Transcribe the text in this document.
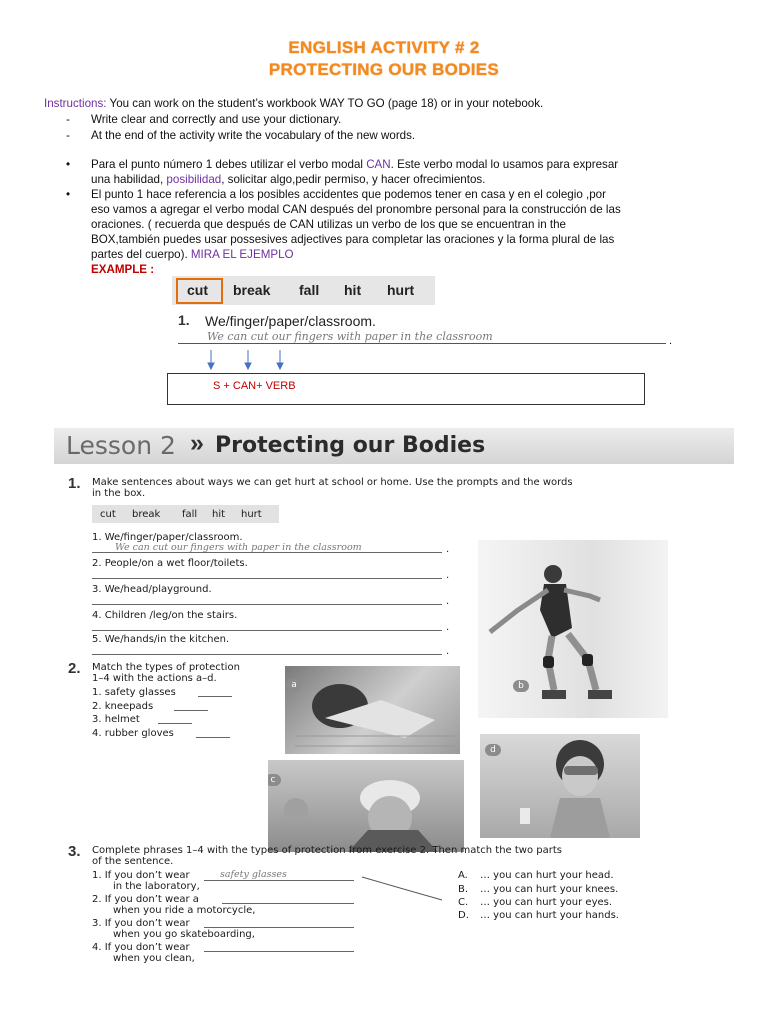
ENGLISH ACTIVITY # 2
PROTECTING OUR BODIES
Instructions: You can work on the student’s workbook WAY TO GO (page 18) or in your notebook.
- Write clear and correctly and use your dictionary.
- At the end of the activity write the vocabulary of the new words.
• Para el punto número 1 debes utilizar el verbo modal CAN. Este verbo modal lo usamos para expresar
una habilidad, posibilidad, solicitar algo,pedir permiso, y hacer ofrecimientos.
• El punto 1 hace referencia a los posibles accidentes que podemos tener en casa y en el colegio ,por
eso vamos a agregar el verbo modal CAN después del pronombre personal para la construcción de las
oraciones. ( recuerda que después de CAN utilizas un verbo de los que se encuentran in the
BOX,también puedes usar possesives adjectives para completar las oraciones y la forma plural de las
partes del cuerpo). MIRA EL EJEMPLO
EXAMPLE :
cut break fall hit hurt
1. We/finger/paper/classroom.
We can cut our fingers with paper in the classroom	.
S + CAN+ VERB
Lesson 2 » Protecting our Bodies
1. Make sentences about ways we can get hurt at school or home. Use the prompts and the words
in the box.
cut break fall hit hurt
1. We/finger/paper/classroom.
We can cut our fingers with paper in the classroom	.
2. People/on a wet floor/toilets.
.
3. We/head/playground.
.
4. Children /leg/on the stairs.
.
5. We/hands/in the kitchen.
.
b
2. Match the types of protection
1–4 with the actions a–d.
1. safety glasses
2. kneepads
3. helmet
4. rubber gloves
a
c
d
3. Complete phrases 1–4 with the types of protection from exercise 2. Then match the two parts
of the sentence.
1. If you don’t wear	safety glasses
in the laboratory,
2. If you don’t wear a
when you ride a motorcycle,
3. If you don’t wear
when you go skateboarding,
4. If you don’t wear
when you clean,
A. … you can hurt your head.
B. … you can hurt your knees.
C. … you can hurt your eyes.
D. … you can hurt your hands.
